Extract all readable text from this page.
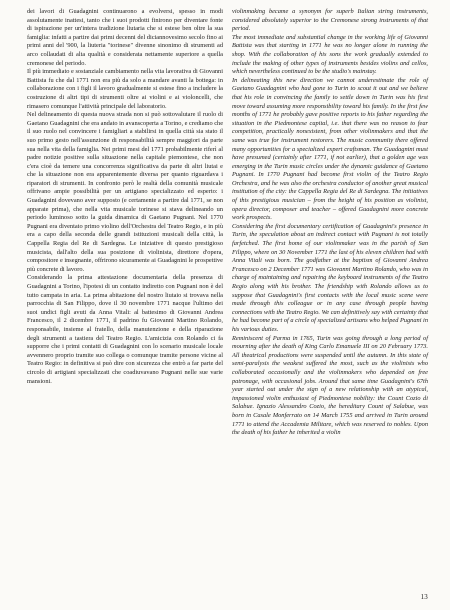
dei lavori di Guadagnini continuarono a evolversi, spesso in modi assolutamente inattesi, tanto che i suoi prodotti finirono per diventare fonte di ispirazione per un'intera tradizione liutaria che si estese ben oltre la sua famiglia: infatti a partire dai primi decenni del diciannovesimo secolo fino ai primi anni del '900, la liuteria "torinese" divenne sinonimo di strumenti ad arco collaudati di alta qualità e considerata nettamente superiore a quella cremonese del periodo.

Il più immediato e sostanziale cambiamento nella vita lavorativa di Giovanni Battista fu che dal 1771 non era più da solo a mandare avanti la bottega: in collaborazione con i figli il lavoro gradualmente si estese fino a includere la costruzione di altri tipi di strumenti oltre ai violini e ai violoncelli, che rimasero comunque l'attività principale del laboratorio.

Nel delineamento di questa nuova strada non si può sottovalutare il ruolo di Gaetano Guadagnini che era andato in avanscoperta a Torino, e crediamo che il suo ruolo nel convincere i famigliari a stabilirsi in quella città sia stato il suo primo gesto nell'assunzione di responsabilità sempre maggiori da parte sua nella vita della famiglia. Nei primi mesi del 1771 probabilmente riferì al padre notizie positive sulla situazione nella capitale piemontese, che non c'era cioè da temere una concorrenza significativa da parte di altri liutai e che la situazione non era apparentemente diversa per quanto riguardava i riparatori di strumenti. In confronto però le realtà della comunità musicale offrivano ampie possibilità per un artigiano specializzato ed esperto: i Guadagnini dovevano aver supposto (e certamente a partire dal 1771, se non apparate prima), che nella vita musicale torinese si stava delineando un periodo luminoso sotto la guida dinamica di Gaetano Pugnani. Nel 1770 Pugnani era diventato primo violino dell'Orchestra del Teatro Regio, e in più era a capo della seconda delle grandi istituzioni musicali della città, la Cappella Regia del Re di Sardegna. Le iniziative di questo prestigioso musicista, dall'alto della sua posizione di violinista, direttore d'opera, compositore e insegnante, offrirono sicuramente ai Guadagnini le prospettive più concrete di lavoro.

Considerando la prima attestazione documentaria della presenza di Guadagnini a Torino, l'ipotesi di un contatto indiretto con Pugnani non è del tutto campata in aria. La prima abitazione del nostro liutaio si trovava nella parrocchia di San Filippo, dove il 30 novembre 1771 nacque l'ultimo dei suoi undici figli avuti da Anna Vitali: al battesimo di Giovanni Andrea Francesco, il 2 dicembre 1771, il padrino fu Giovanni Martino Rolando, responsabile, insieme al fratello, della manutenzione e della riparazione degli strumenti a tastiera del Teatro Regio. L'amicizia con Rolando ci fa supporre che i primi contatti di Guadagnini con lo scenario musicale locale avvennero proprio tramite suo collega o comunque tramite persone vicine al Teatro Regio: in definitiva si può dire con sicurezza che entrò a far parte del circolo di artigiani specializzati che coadiuvavano Pugnani nelle sue varie mansioni.

violinmaking became a synonym for superb Italian string instruments, considered absolutely superior to the Cremonese strong instruments of that period.

The most immediate and substantial change in the working life of Giovanni Battista was that starting in 1771 he was no longer alone in running the shop. With the collaboration of his sons the work gradually extended to include the making of other types of instruments besides violins and cellos, which nevertheless continued to be the studio's mainstay.

In delineating this new direction we cannot underestimate the role of Gaetano Guadagnini who had gone to Turin to scout it out and we believe that his role in convincing the family to settle down in Turin was his first move toward assuming more responsibility toward his family. In the first few months of 1771 he probably gave positive reports to his father regarding the situation in the Piedmontese capital, i.e. that there was no reason to fear competition, practically nonexistent, from other violinmakers and that the same was true for instrument restorers. The music community there offered many opportunities for a specialized expert craftsman. The Guadagnini must have presumed (certainly after 1771, if not earlier), that a golden age was emerging in the Turin music circles under the dynamic guidance of Gaetano Pugnani. In 1770 Pugnani had become first violin of the Teatro Regio Orchestra, and he was also the orchestra conductor of another great musical institution of the city: the Cappella Regia del Re di Sardegna. The initiatives of this prestigious musician – from the height of his position as violinist, opera director, composer and teacher – offered Guadagnini more concrete work prospects.

Considering the first documentary certification of Guadagnini's presence in Turin, the speculation about an indirect contact with Pugnani is not totally farfetched. The first home of our violinmaker was in the parish of San Filippo, where on 30 November 1771 the last of his eleven children had with Anna Vitali was born. The godfather at the baptism of Giovanni Andrea Francesco on 2 December 1771 was Giovanni Martino Rolando, who was in charge of maintaining and repairing the keyboard instruments of the Teatro Regio along with his brother. The friendship with Rolando allows us to suppose that Guadagnini's first contacts with the local music scene were made through this colleague or in any case through people having connections with the Teatro Regio. We can definitively say with certainty that he had become part of a circle of specialized artisans who helped Pugnani in his various duties.

Reminiscent of Parma in 1765, Turin was going through a long period of mourning after the death of King Carlo Emanuele III on 20 February 1773. All theatrical productions were suspended until the autumn. In this state of semi-paralysis the weakest suffered the most, such as the violinists who collaborated occasionally and the violinmakers who depended on free patronage, with occasional jobs. Around that same time Guadagnini's 67th year started out under the sign of a new relationship with an atypical, impassioned violin enthusiast of Piedmontese nobility: the Count Cozio di Salabue. Ignazio Alessandro Cozio, the hereditary Count of Salabue, was born in Casale Monferrato on 14 March 1755 and arrived in Turin around 1771 to attend the Accademia Militare, which was reserved to nobles. Upon the death of his father he inherited a violin

13
